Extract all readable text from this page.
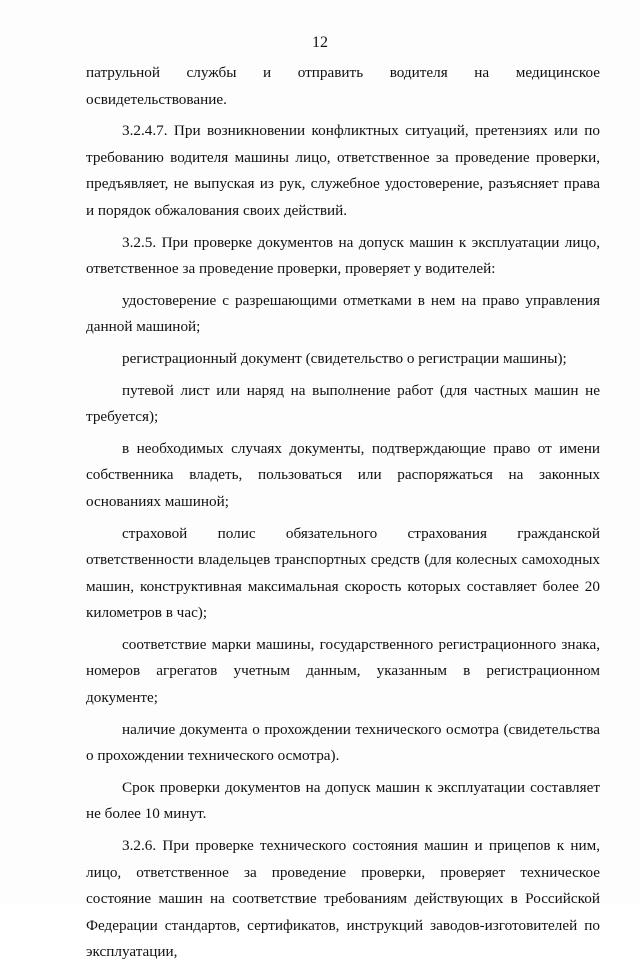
12

патрульной службы и отправить водителя на медицинское освидетельствование.

3.2.4.7. При возникновении конфликтных ситуаций, претензиях или по требованию водителя машины лицо, ответственное за проведение проверки, предъявляет, не выпуская из рук, служебное удостоверение, разъясняет права и порядок обжалования своих действий.

3.2.5. При проверке документов на допуск машин к эксплуатации лицо, ответственное за проведение проверки, проверяет у водителей:

удостоверение с разрешающими отметками в нем на право управления данной машиной;

регистрационный документ (свидетельство о регистрации машины);

путевой лист или наряд на выполнение работ (для частных машин не требуется);

в необходимых случаях документы, подтверждающие право от имени собственника владеть, пользоваться или распоряжаться на законных основаниях машиной;

страховой полис обязательного страхования гражданской ответственности владельцев транспортных средств (для колесных самоходных машин, конструктивная максимальная скорость которых составляет более 20 километров в час);

соответствие марки машины, государственного регистрационного знака, номеров агрегатов учетным данным, указанным в регистрационном документе;

наличие документа о прохождении технического осмотра (свидетельства о прохождении технического осмотра).

Срок проверки документов на допуск машин к эксплуатации составляет не более 10 минут.

3.2.6. При проверке технического состояния машин и прицепов к ним, лицо, ответственное за проведение проверки, проверяет техническое состояние машин на соответствие требованиям действующих в Российской Федерации стандартов, сертификатов, инструкций заводов-изготовителей по эксплуатации,
